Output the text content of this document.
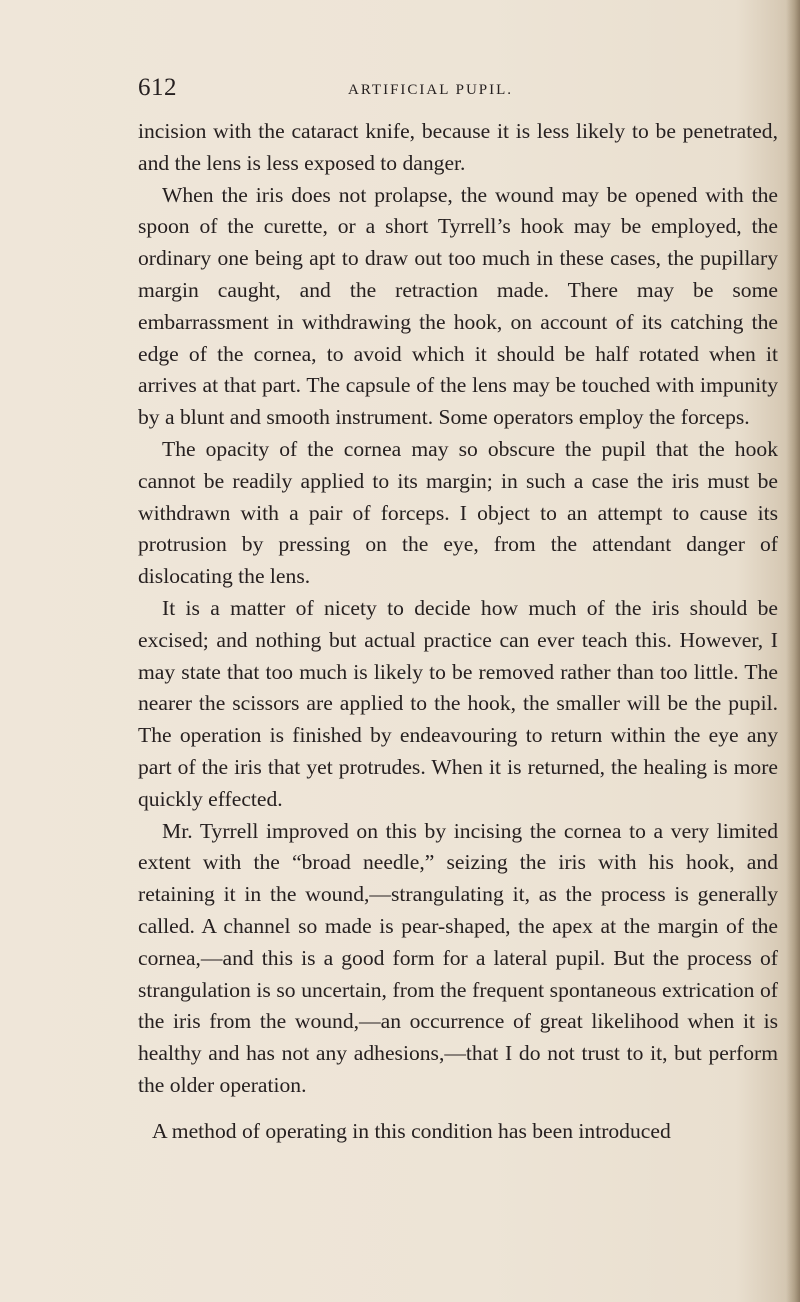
612	ARTIFICIAL PUPIL.

incision with the cataract knife, because it is less likely to be penetrated, and the lens is less exposed to danger.

When the iris does not prolapse, the wound may be opened with the spoon of the curette, or a short Tyrrell’s hook may be employed, the ordinary one being apt to draw out too much in these cases, the pupillary margin caught, and the retraction made. There may be some embarrassment in withdrawing the hook, on account of its catching the edge of the cornea, to avoid which it should be half rotated when it arrives at that part. The capsule of the lens may be touched with impunity by a blunt and smooth instrument. Some operators employ the forceps.

The opacity of the cornea may so obscure the pupil that the hook cannot be readily applied to its margin; in such a case the iris must be withdrawn with a pair of forceps. I object to an attempt to cause its protrusion by pressing on the eye, from the attendant danger of dislocating the lens.

It is a matter of nicety to decide how much of the iris should be excised; and nothing but actual practice can ever teach this. However, I may state that too much is likely to be removed rather than too little. The nearer the scissors are applied to the hook, the smaller will be the pupil. The operation is finished by endeavouring to return within the eye any part of the iris that yet protrudes. When it is returned, the healing is more quickly effected.

Mr. Tyrrell improved on this by incising the cornea to a very limited extent with the “broad needle,” seizing the iris with his hook, and retaining it in the wound,—strangulating it, as the process is generally called. A channel so made is pear-shaped, the apex at the margin of the cornea,—and this is a good form for a lateral pupil. But the process of strangulation is so uncertain, from the frequent spontaneous extrication of the iris from the wound,—an occurrence of great likelihood when it is healthy and has not any adhesions,—that I do not trust to it, but perform the older operation.

A method of operating in this condition has been introduced
